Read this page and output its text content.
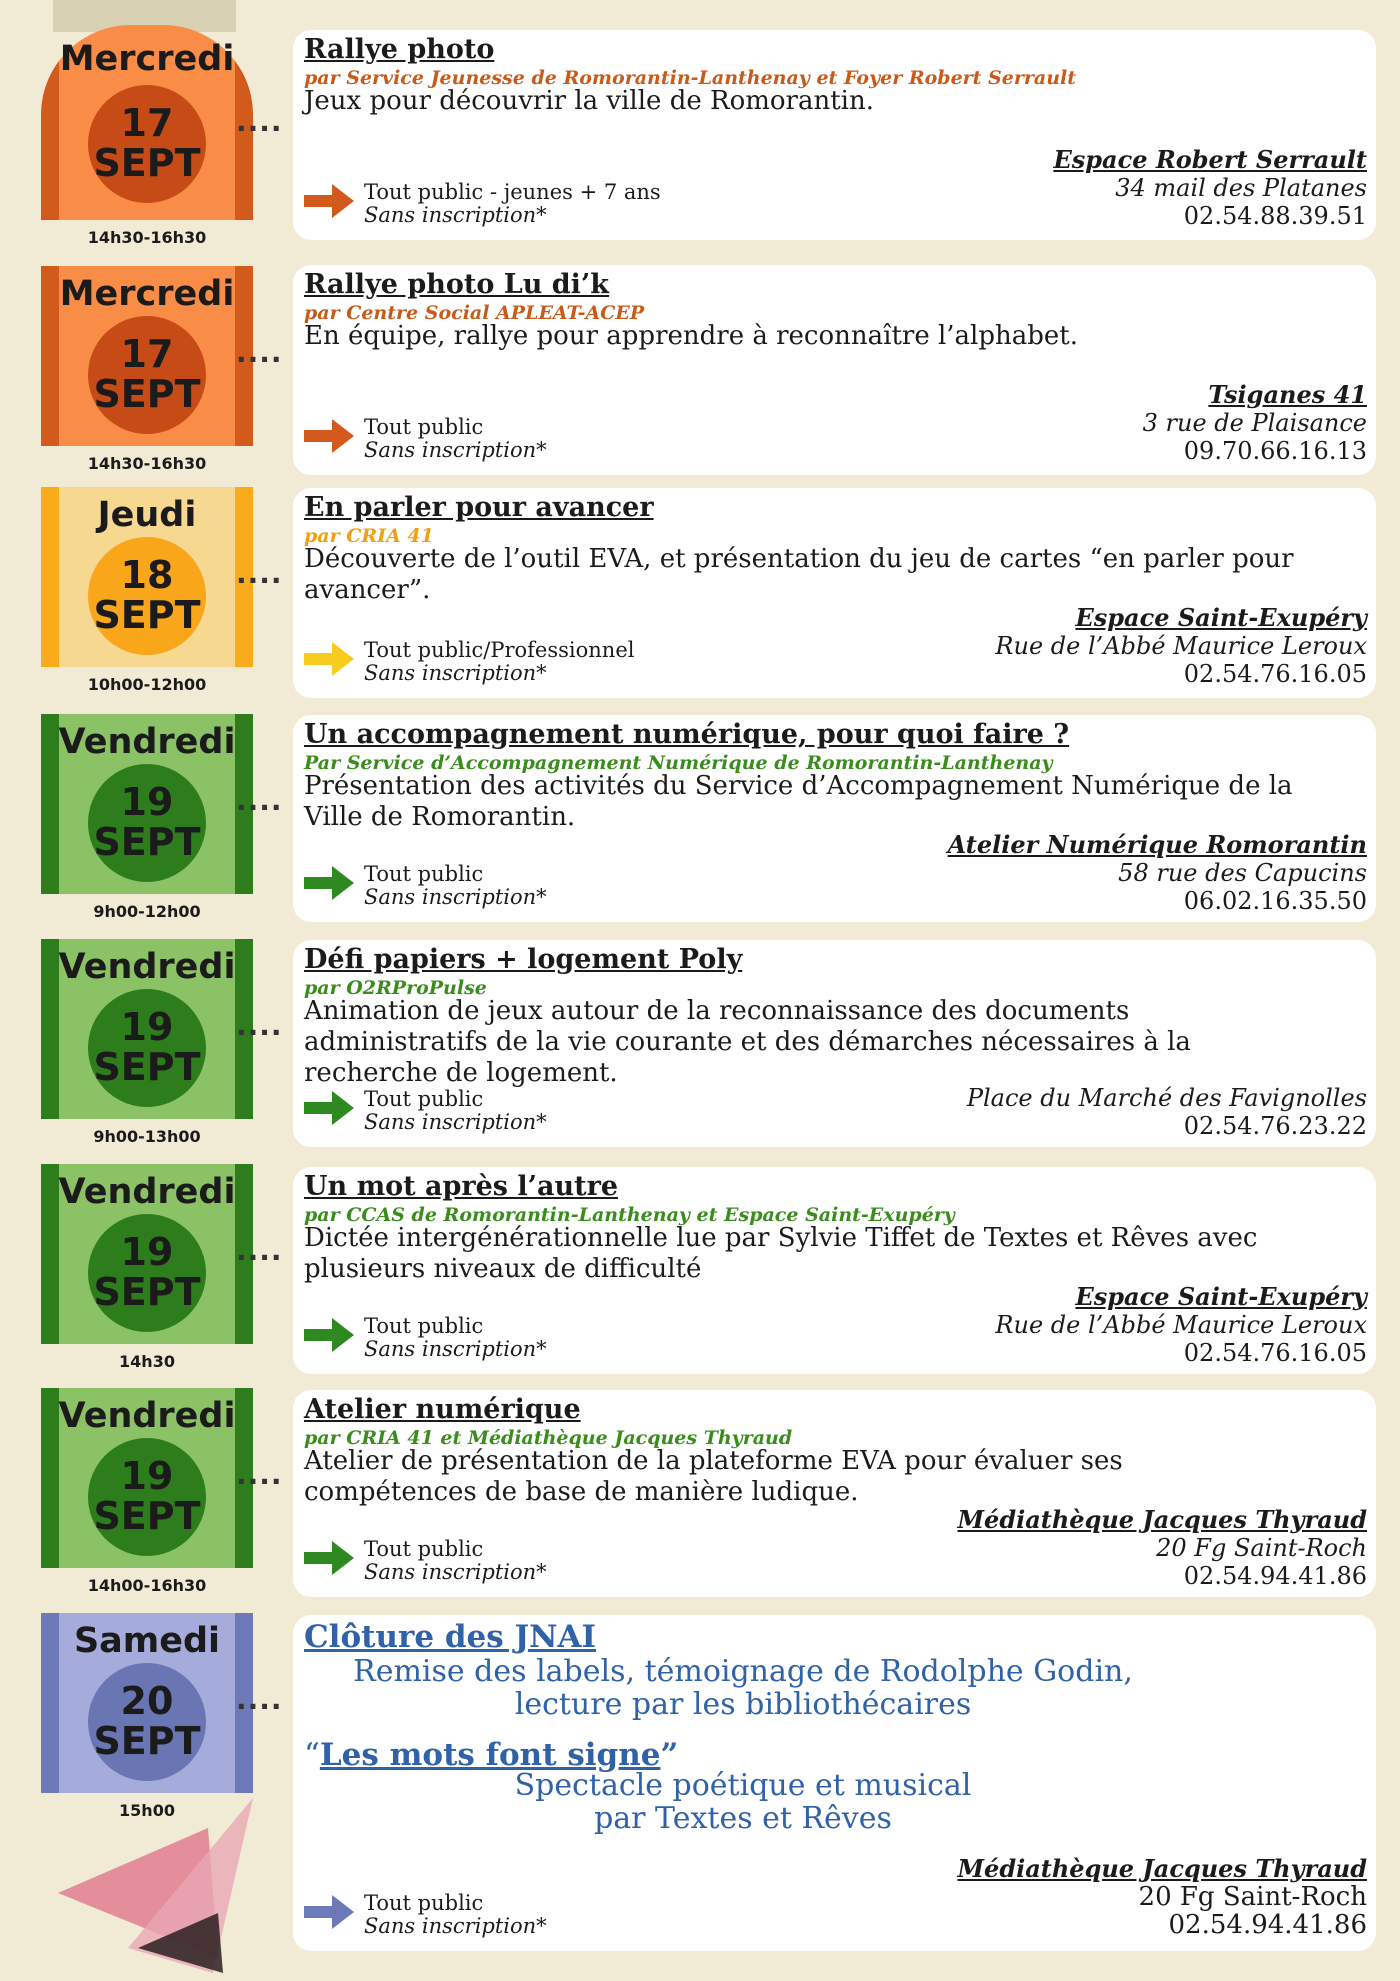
Mercredi
17
SEPT
14h30-16h30
....
Rallye photo
par Service Jeunesse de Romorantin-Lanthenay et Foyer Robert Serrault
Jeux pour découvrir la ville de Romorantin.
Tout public - jeunes + 7 ans
Sans inscription*
Espace Robert Serrault
34 mail des Platanes
02.54.88.39.51
Mercredi
17
SEPT
14h30-16h30
....
Rallye photo Lu di’k
par Centre Social APLEAT-ACEP
En équipe, rallye pour apprendre à reconnaître l’alphabet.
Tout public
Sans inscription*
Tsiganes 41
3 rue de Plaisance
09.70.66.16.13
Jeudi
18
SEPT
10h00-12h00
....
En parler pour avancer
par CRIA 41
Découverte de l’outil EVA, et présentation du jeu de cartes “en parler pour avancer”.
Tout public/Professionnel
Sans inscription*
Espace Saint-Exupéry
Rue de l’Abbé Maurice Leroux
02.54.76.16.05
Vendredi
19
SEPT
9h00-12h00
....
Un accompagnement numérique, pour quoi faire ?
Par Service d’Accompagnement Numérique de Romorantin-Lanthenay
Présentation des activités du Service d’Accompagnement Numérique de la Ville de Romorantin.
Tout public
Sans inscription*
Atelier Numérique Romorantin
58 rue des Capucins
06.02.16.35.50
Vendredi
19
SEPT
9h00-13h00
....
Défi papiers + logement Poly
par O2RProPulse
Animation de jeux autour de la reconnaissance des documents administratifs de la vie courante et des démarches nécessaires à la recherche de logement.
Tout public
Sans inscription*
Place du Marché des Favignolles
02.54.76.23.22
Vendredi
19
SEPT
14h30
....
Un mot après l’autre
par CCAS de Romorantin-Lanthenay et Espace Saint-Exupéry
Dictée intergénérationnelle lue par Sylvie Tiffet de Textes et Rêves avec plusieurs niveaux de difficulté
Tout public
Sans inscription*
Espace Saint-Exupéry
Rue de l’Abbé Maurice Leroux
02.54.76.16.05
Vendredi
19
SEPT
14h00-16h30
....
Atelier numérique
par CRIA 41 et Médiathèque Jacques Thyraud
Atelier de présentation de la plateforme EVA pour évaluer ses compétences de base de manière ludique.
Tout public
Sans inscription*
Médiathèque Jacques Thyraud
20 Fg Saint-Roch
02.54.94.41.86
Samedi
20
SEPT
15h00
....
Clôture des JNAI
Remise des labels, témoignage de Rodolphe Godin, lecture par les bibliothécaires
“Les mots font signe”
Spectacle poétique et musical par Textes et Rêves
Tout public
Sans inscription*
Médiathèque Jacques Thyraud
20 Fg Saint-Roch
02.54.94.41.86
